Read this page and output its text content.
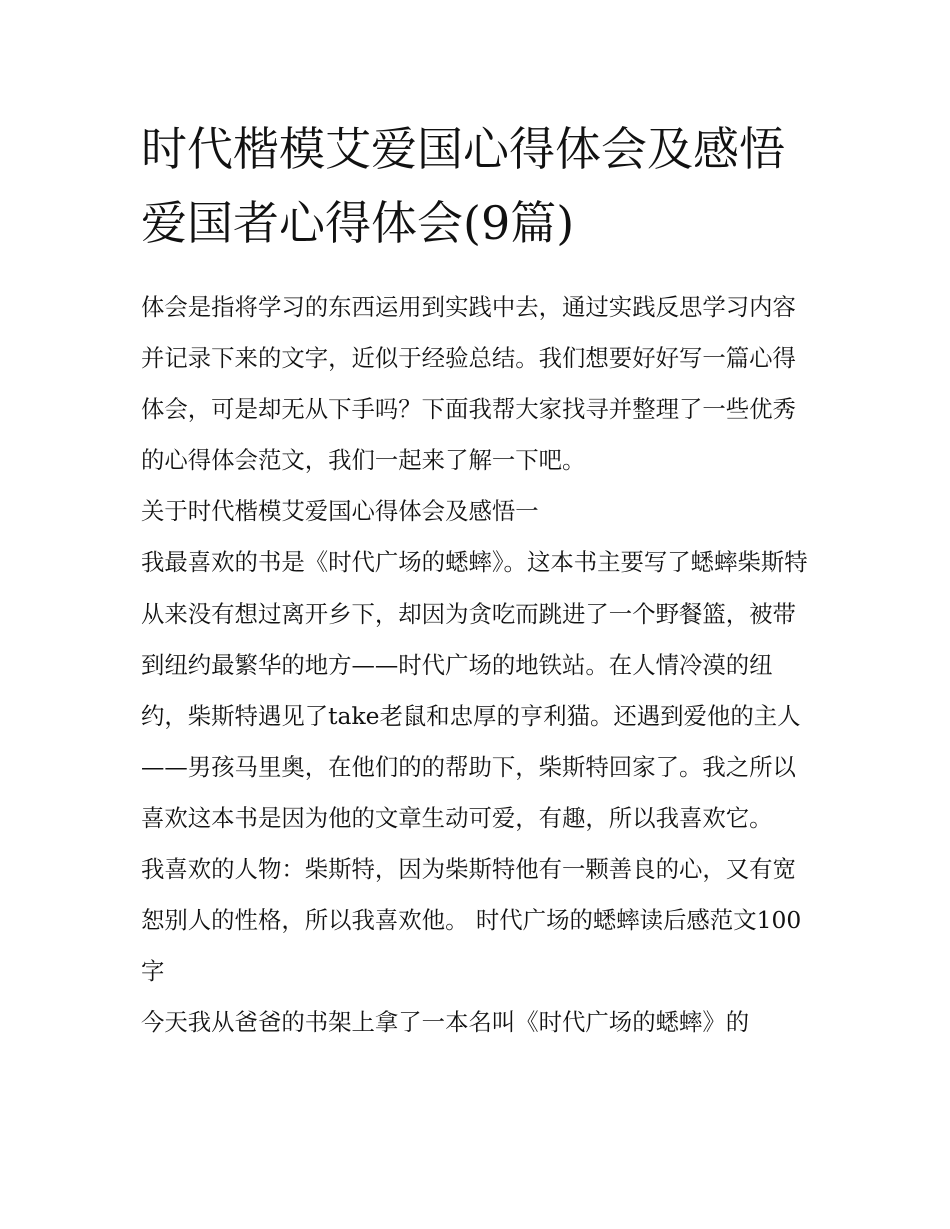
时代楷模艾爱国心得体会及感悟 爱国者心得体会(9篇)

体会是指将学习的东西运用到实践中去，通过实践反思学习内容并记录下来的文字，近似于经验总结。我们想要好好写一篇心得体会，可是却无从下手吗？下面我帮大家找寻并整理了一些优秀的心得体会范文，我们一起来了解一下吧。

关于时代楷模艾爱国心得体会及感悟一

我最喜欢的书是《时代广场的蟋蟀》。这本书主要写了蟋蟀柴斯特从来没有想过离开乡下，却因为贪吃而跳进了一个野餐篮，被带到纽约最繁华的地方——时代广场的地铁站。在人情冷漠的纽约，柴斯特遇见了take老鼠和忠厚的亨利猫。还遇到爱他的主人——男孩马里奥，在他们的的帮助下，柴斯特回家了。我之所以喜欢这本书是因为他的文章生动可爱，有趣，所以我喜欢它。

我喜欢的人物：柴斯特，因为柴斯特他有一颗善良的心，又有宽恕别人的性格，所以我喜欢他。 时代广场的蟋蟀读后感范文100字

今天我从爸爸的书架上拿了一本名叫《时代广场的蟋蟀》的
